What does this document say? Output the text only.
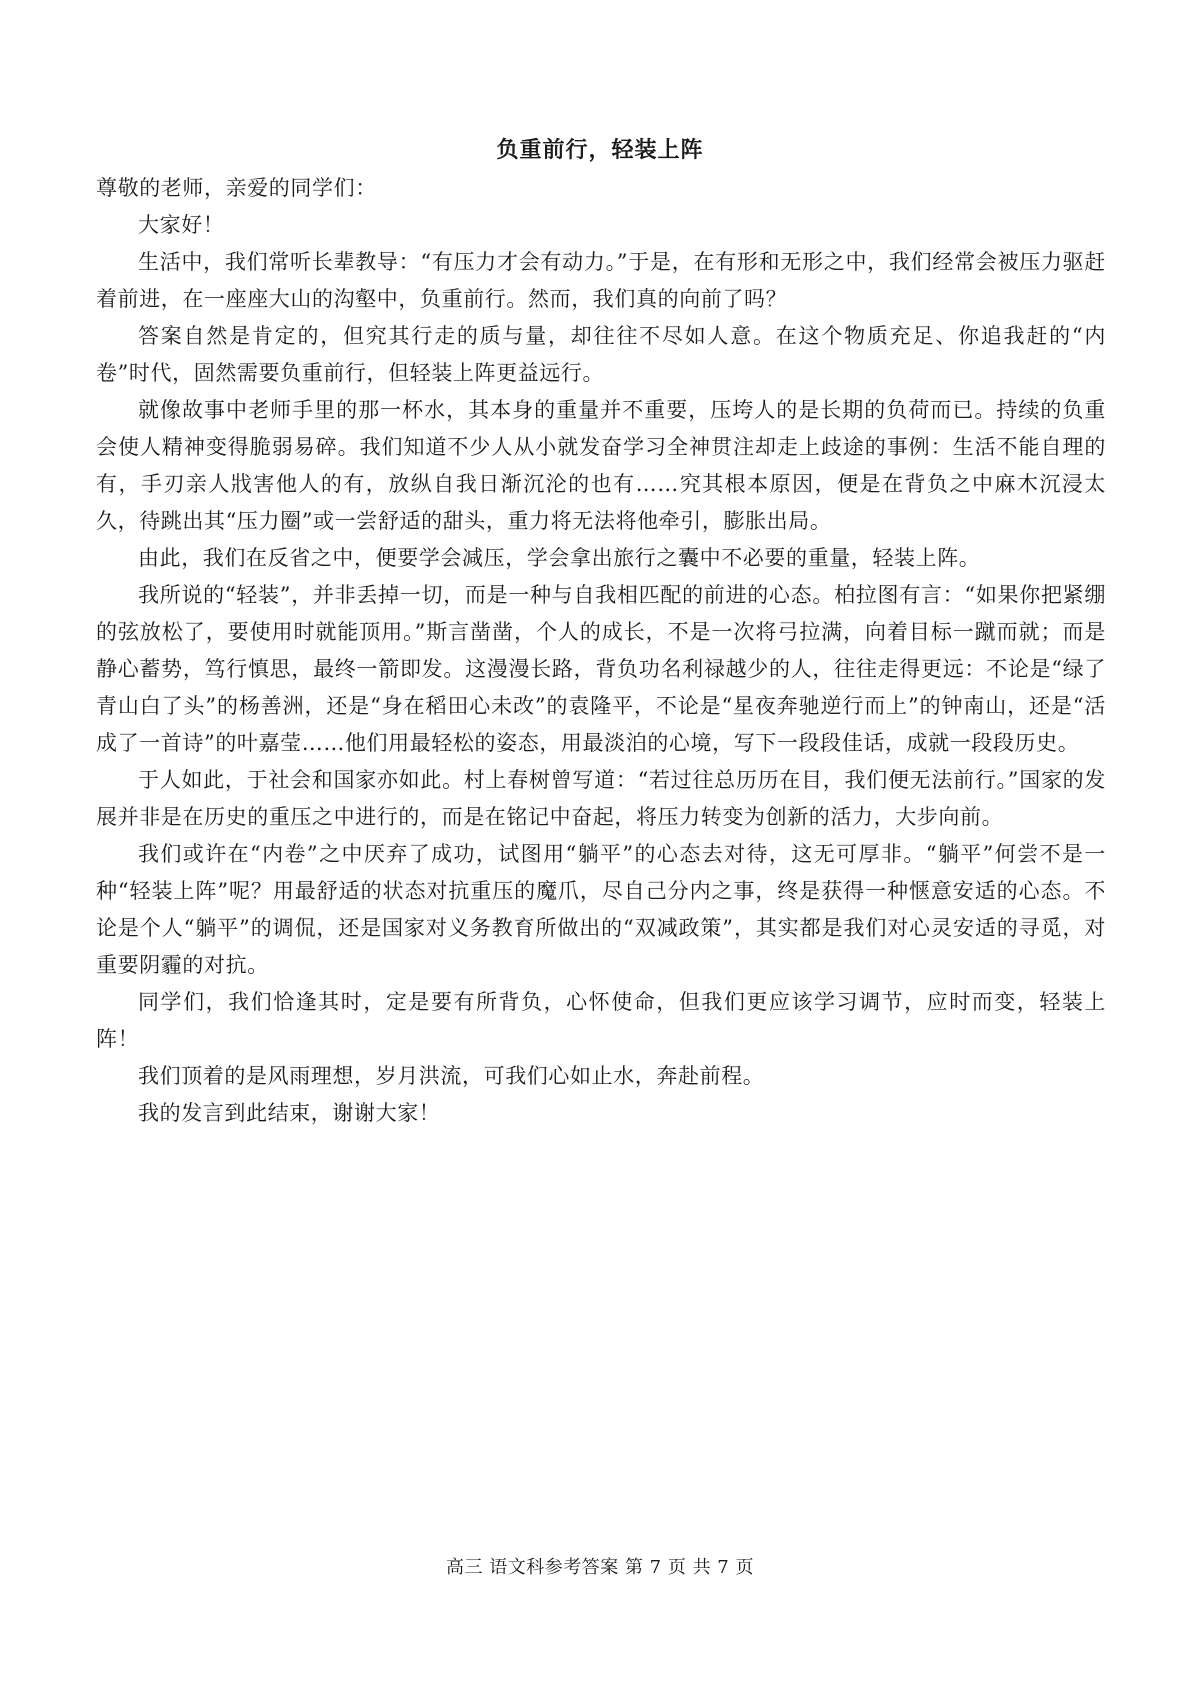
负重前行，轻装上阵

尊敬的老师，亲爱的同学们：

大家好！

生活中，我们常听长辈教导：“有压力才会有动力。”于是，在有形和无形之中，我们经常会被压力驱赶着前进，在一座座大山的沟壑中，负重前行。然而，我们真的向前了吗？

答案自然是肯定的，但究其行走的质与量，却往往不尽如人意。在这个物质充足、你追我赶的“内卷”时代，固然需要负重前行，但轻装上阵更益远行。

就像故事中老师手里的那一杯水，其本身的重量并不重要，压垮人的是长期的负荷而已。持续的负重会使人精神变得脆弱易碎。我们知道不少人从小就发奋学习全神贯注却走上歧途的事例：生活不能自理的有，手刃亲人戕害他人的有，放纵自我日渐沉沦的也有……究其根本原因，便是在背负之中麻木沉浸太久，待跳出其“压力圈”或一尝舒适的甜头，重力将无法将他牵引，膨胀出局。

由此，我们在反省之中，便要学会减压，学会拿出旅行之囊中不必要的重量，轻装上阵。

我所说的“轻装”，并非丢掉一切，而是一种与自我相匹配的前进的心态。柏拉图有言：“如果你把紧绷的弦放松了，要使用时就能顶用。”斯言凿凿，个人的成长，不是一次将弓拉满，向着目标一蹴而就；而是静心蓄势，笃行慎思，最终一箭即发。这漫漫长路，背负功名利禄越少的人，往往走得更远：不论是“绿了青山白了头”的杨善洲，还是“身在稻田心未改”的袁隆平，不论是“星夜奔驰逆行而上”的钟南山，还是“活成了一首诗”的叶嘉莹……他们用最轻松的姿态，用最淡泊的心境，写下一段段佳话，成就一段段历史。

于人如此，于社会和国家亦如此。村上春树曾写道：“若过往总历历在目，我们便无法前行。”国家的发展并非是在历史的重压之中进行的，而是在铭记中奋起，将压力转变为创新的活力，大步向前。

我们或许在“内卷”之中厌弃了成功，试图用“躺平”的心态去对待，这无可厚非。“躺平”何尝不是一种“轻装上阵”呢？用最舒适的状态对抗重压的魔爪，尽自己分内之事，终是获得一种惬意安适的心态。不论是个人“躺平”的调侃，还是国家对义务教育所做出的“双减政策”，其实都是我们对心灵安适的寻觅，对重要阴霾的对抗。

同学们，我们恰逢其时，定是要有所背负，心怀使命，但我们更应该学习调节，应时而变，轻装上阵！

我们顶着的是风雨理想，岁月洪流，可我们心如止水，奔赴前程。

我的发言到此结束，谢谢大家！

高三 语文科参考答案 第 7 页 共 7 页
